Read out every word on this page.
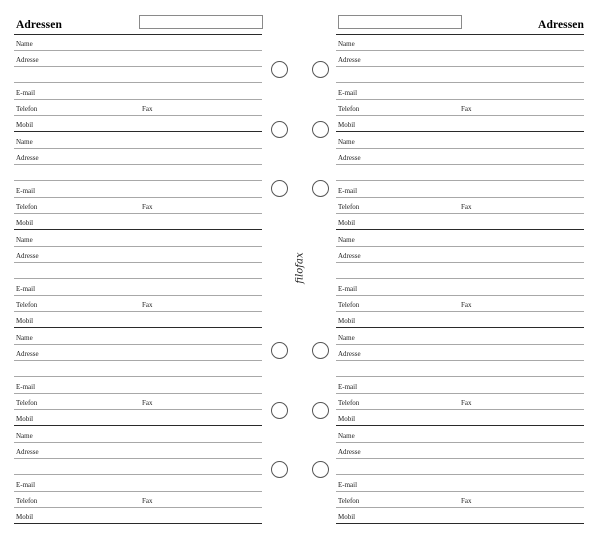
Adressen
Name
Adresse
E-mail
Telefon	Fax
Mobil
Name
Adresse
E-mail
Telefon	Fax
Mobil
Name
Adresse
E-mail
Telefon	Fax
Mobil
Name
Adresse
E-mail
Telefon	Fax
Mobil
Name
Adresse
E-mail
Telefon	Fax
Mobil
Adressen
Name
Adresse
E-mail
Telefon	Fax
Mobil
Name
Adresse
E-mail
Telefon	Fax
Mobil
Name
Adresse
E-mail
Telefon	Fax
Mobil
Name
Adresse
E-mail
Telefon	Fax
Mobil
Name
Adresse
E-mail
Telefon	Fax
Mobil
filofax
